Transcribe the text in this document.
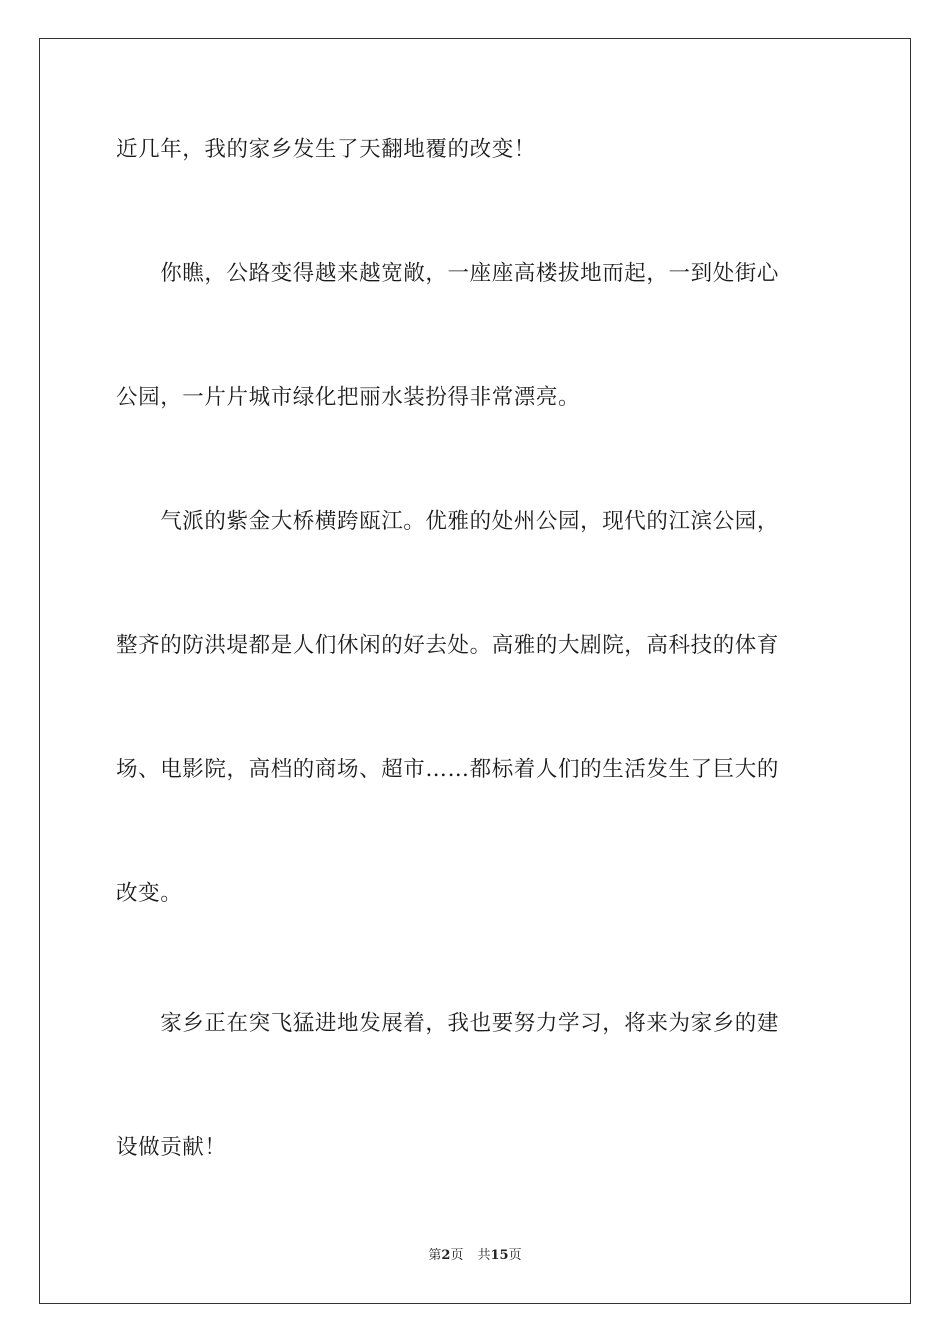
近几年，我的家乡发生了天翻地覆的改变！
　　你瞧，公路变得越来越宽敞，一座座高楼拔地而起，一到处街心
公园，一片片城市绿化把丽水装扮得非常漂亮。
　　气派的紫金大桥横跨瓯江。优雅的处州公园，现代的江滨公园，
整齐的防洪堤都是人们休闲的好去处。高雅的大剧院，高科技的体育
场、电影院，高档的商场、超市……都标着人们的生活发生了巨大的
改变。
　　家乡正在突飞猛进地发展着，我也要努力学习，将来为家乡的建
设做贡献！
第2页 共15页
